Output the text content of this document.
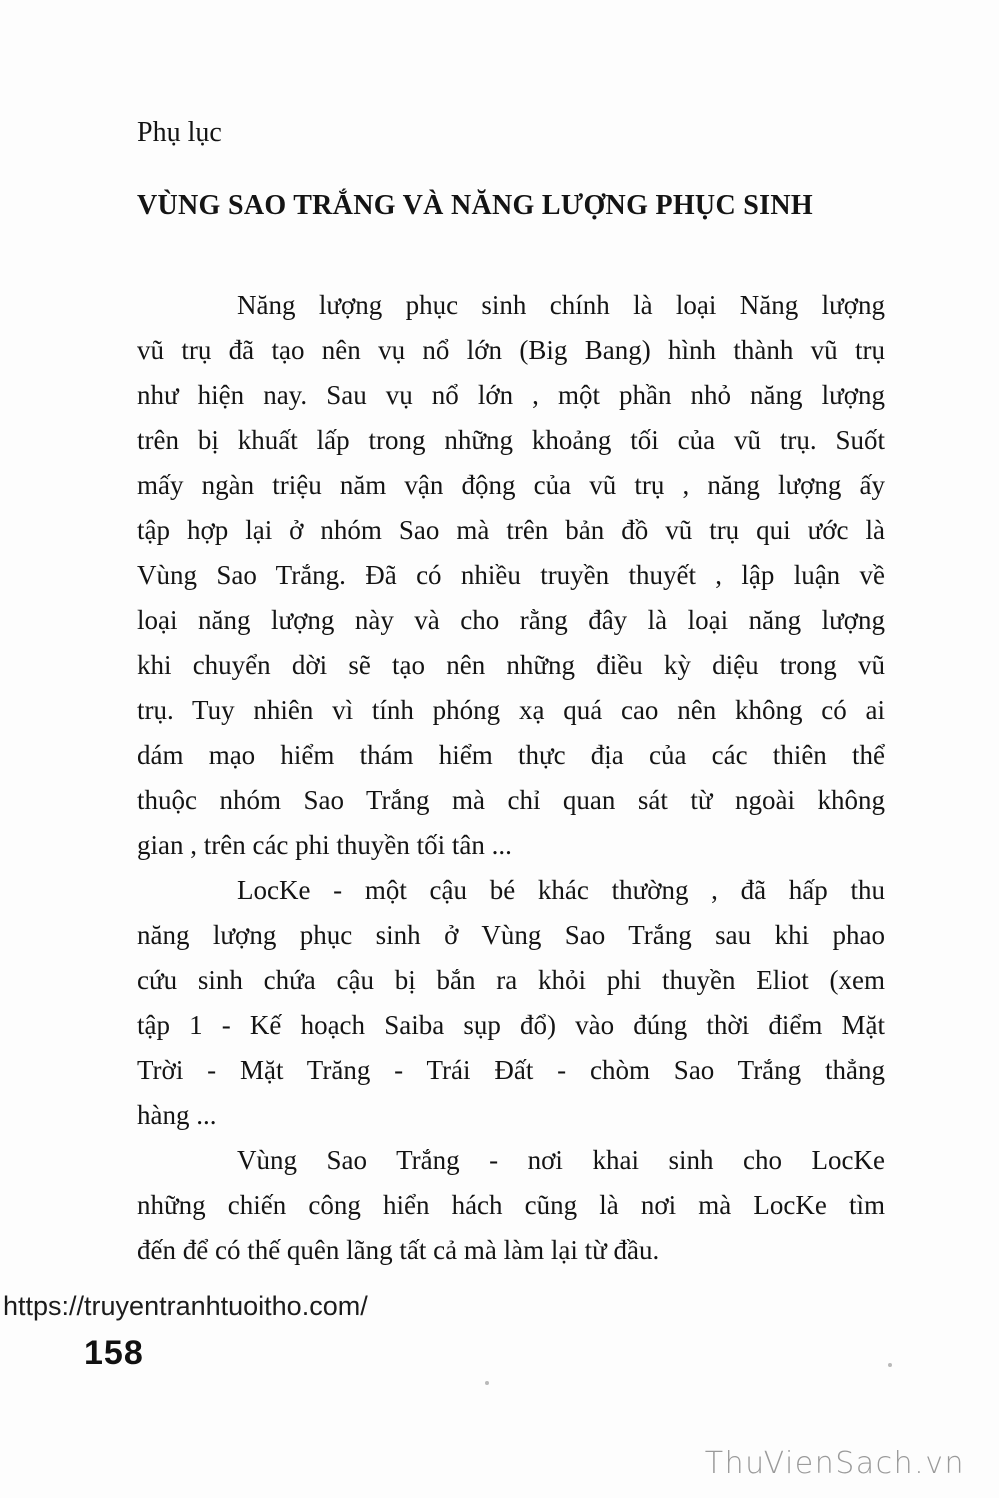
Phụ lục
VÙNG SAO TRẮNG VÀ NĂNG LƯỢNG PHỤC SINH
Năng lượng phục sinh chính là loại Năng lượng
vũ trụ đã tạo nên vụ nổ lớn (Big Bang) hình thành vũ trụ
như hiện nay. Sau vụ nổ lớn , một phần nhỏ năng lượng
trên bị khuất lấp trong những khoảng tối của vũ trụ. Suốt
mấy ngàn triệu năm vận động của vũ trụ , năng lượng ấy
tập hợp lại ở nhóm Sao mà trên bản đồ vũ trụ qui ước là
Vùng Sao Trắng. Đã có nhiều truyền thuyết , lập luận về
loại năng lượng này và cho rằng đây là loại năng lượng
khi chuyển dời sẽ tạo nên những điều kỳ diệu trong vũ
trụ. Tuy nhiên vì tính phóng xạ quá cao nên không có ai
dám mạo hiểm thám hiểm thực địa của các thiên thể
thuộc nhóm Sao Trắng mà chỉ quan sát từ ngoài không
gian , trên các phi thuyền tối tân ...
LocKe - một cậu bé khác thường , đã hấp thu
năng lượng phục sinh ở Vùng Sao Trắng sau khi phao
cứu sinh chứa cậu bị bắn ra khỏi phi thuyền Eliot (xem
tập 1 - Kế hoạch Saiba sụp đổ) vào đúng thời điểm Mặt
Trời - Mặt Trăng - Trái Đất - chòm Sao Trắng thẳng
hàng ...
Vùng Sao Trắng - nơi khai sinh cho LocKe
những chiến công hiển hách cũng là nơi mà LocKe tìm
đến để có thế quên lãng tất cả mà làm lại từ đầu.
https://truyentranhtuoitho.com/
158
ThuVienSach.vn
